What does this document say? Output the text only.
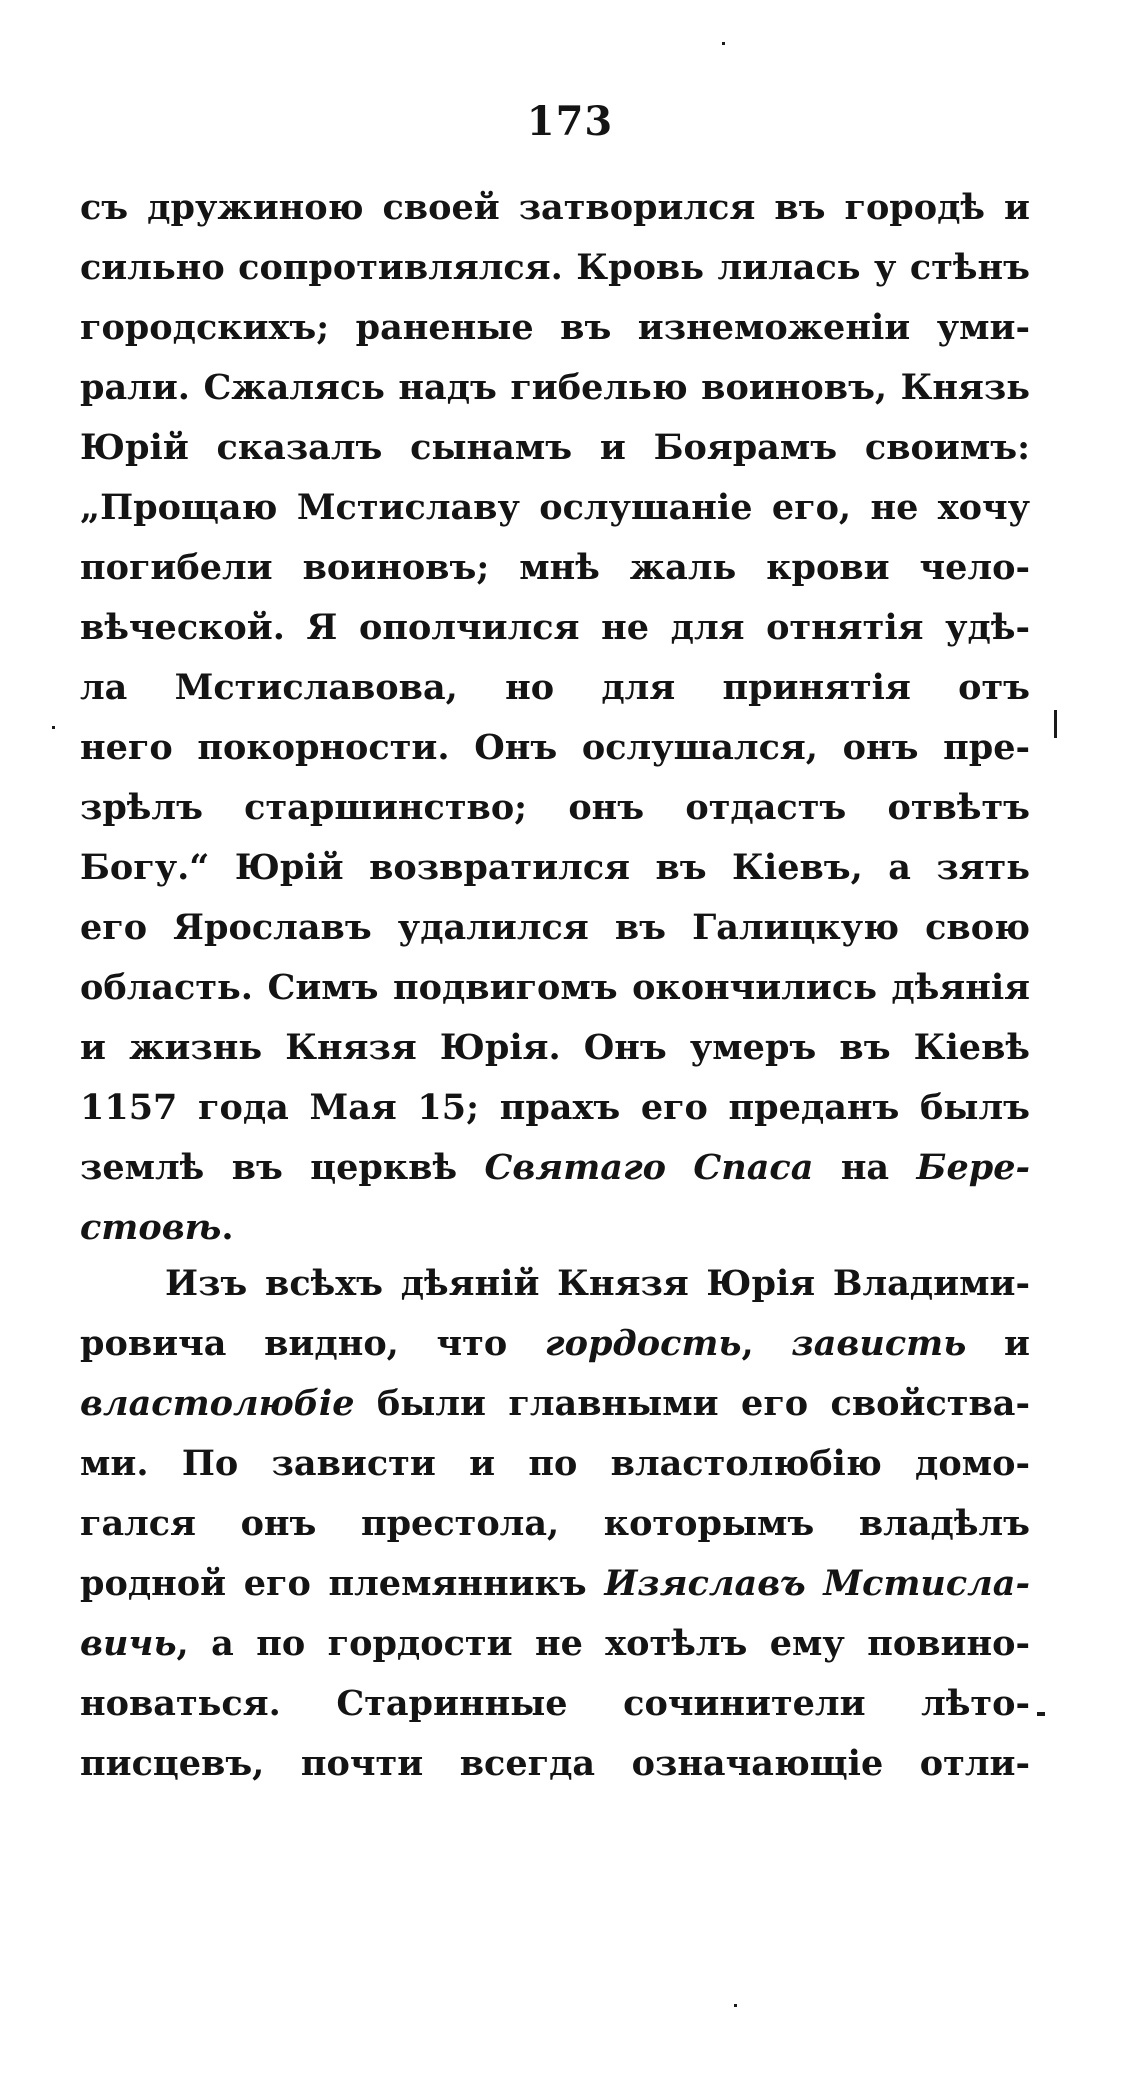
173
съ дружиною своей затворился въ городѣ и
сильно сопротивлялся. Кровь лилась у стѣнъ
городскихъ; раненые въ изнеможеніи уми-
рали. Сжалясь надъ гибелью воиновъ, Князь
Юрій сказалъ сынамъ и Боярамъ своимъ:
„Прощаю Мстиславу ослушаніе его, не хочу
погибели воиновъ; мнѣ жаль крови чело-
вѣческой. Я ополчился не для отнятія удѣ-
ла Мстиславова, но для принятія отъ
него покорности. Онъ ослушался, онъ пре-
зрѣлъ старшинство; онъ отдастъ отвѣтъ
Богу.“ Юрій возвратился въ Кіевъ, а зять
его Ярославъ удалился въ Галицкую свою
область. Симъ подвигомъ окончились дѣянія
и жизнь Князя Юрія. Онъ умеръ въ Кіевѣ
1157 года Мая 15; прахъ его преданъ былъ
землѣ въ церквѣ Святаго Спаса на Бере-
стовѣ.
Изъ всѣхъ дѣяній Князя Юрія Владими-
ровича видно, что гордость, зависть и
властолюбіе были главными его свойства-
ми. По зависти и по властолюбію домо-
гался онъ престола, которымъ владѣлъ
родной его племянникъ Изяславъ Мстисла-
вичь, а по гордости не хотѣлъ ему повино-
новаться. Старинные сочинители лѣто-
писцевъ, почти всегда означающіе отли-
